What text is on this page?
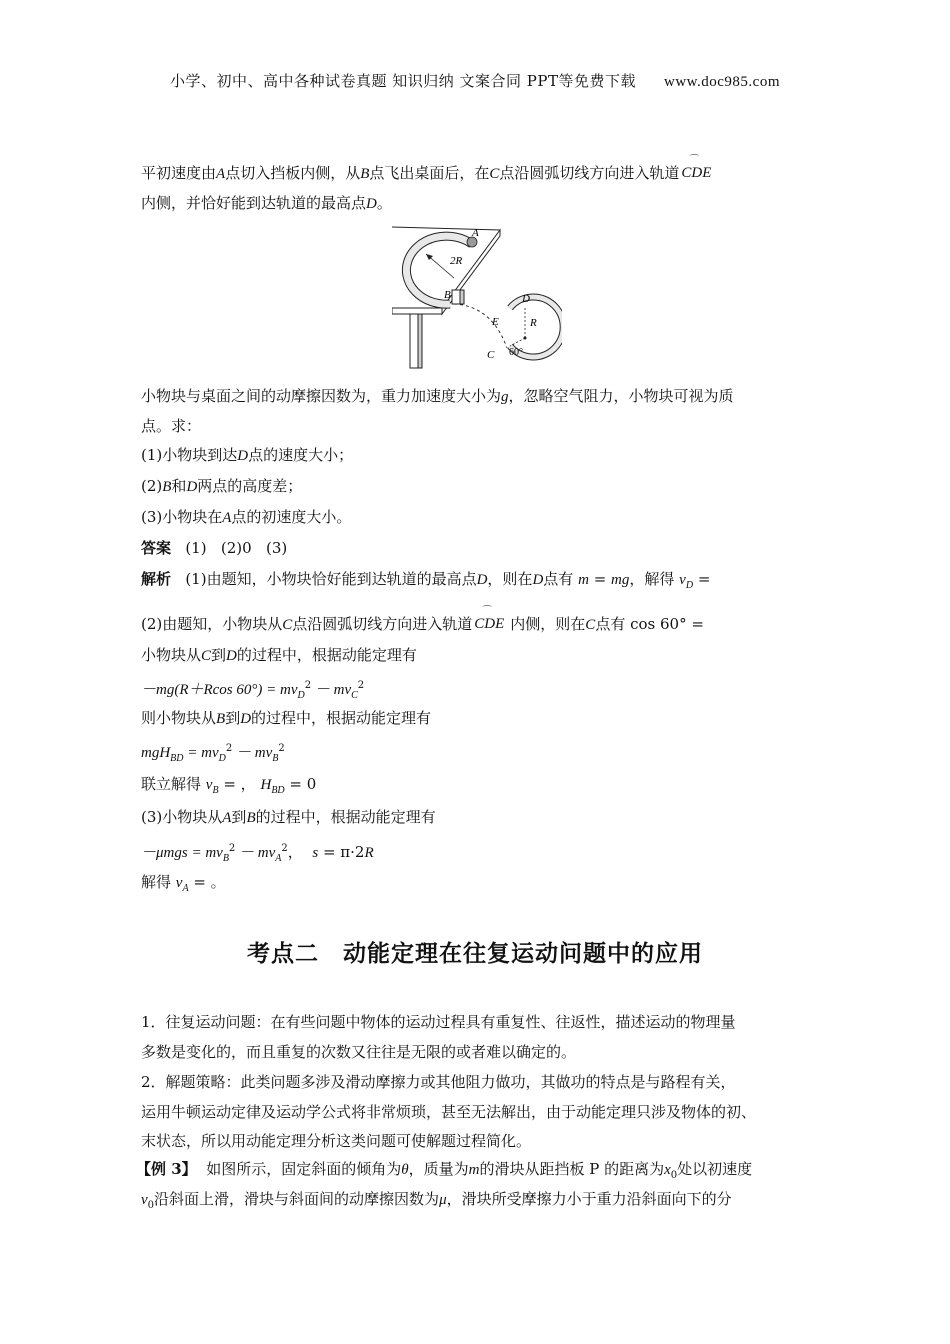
小学、初中、高中各种试卷真题 知识归纳 文案合同 PPT等免费下载 www.doc985.com
平初速度由A点切入挡板内侧，从B点飞出桌面后，在C点沿圆弧切线方向进入轨道
⌒
CDE
内侧，并恰好能到达轨道的最高点D。
2R
A
B	D
E	R
C 60°
小物块与桌面之间的动摩擦因数为，重力加速度大小为g，忽略空气阻力，小物块可视为质
点。求：
(1)小物块到达D点的速度大小；
(2)B和D两点的高度差；
(3)小物块在A点的初速度大小。
答案 (1) (2)0 (3)
解析 (1)由题知，小物块恰好能到达轨道的最高点D，则在D点有 m = mg，解得 $v_D$ =
(2)由题知，小物块从C点沿圆弧切线方向进入轨道
⌒
CDE 内侧，则在C点有 cos 60° =
小物块从C到D的过程中，根据动能定理有
－mg(R＋Rcos $60^\circ) = mv_D^2 - mv_C^2$
则小物块从B到D的过程中，根据动能定理有
$mgH_{BD} = mv_D^2 - mv_B^2$
联立解得 $v_B$ = ， $H_{BD} = 0$
(3)小物块从A到B的过程中，根据动能定理有
$-\mu mgs = mv_B^2 - mv_A^2$， s = π·2R
解得 $v_A$ = 。
考点二 动能定理在往复运动问题中的应用
1．往复运动问题：在有些问题中物体的运动过程具有重复性、往返性，描述运动的物理量
多数是变化的，而且重复的次数又往往是无限的或者难以确定的。
2．解题策略：此类问题多涉及滑动摩擦力或其他阻力做功，其做功的特点是与路程有关，
运用牛顿运动定律及运动学公式将非常烦琐，甚至无法解出，由于动能定理只涉及物体的初、
末状态，所以用动能定理分析这类问题可使解题过程简化。
【例 3】 如图所示，固定斜面的倾角为θ，质量为m的滑块从距挡板 P 的距离为$x_0$处以初速度
$v_0$沿斜面上滑，滑块与斜面间的动摩擦因数为μ，滑块所受摩擦力小于重力沿斜面向下的分
